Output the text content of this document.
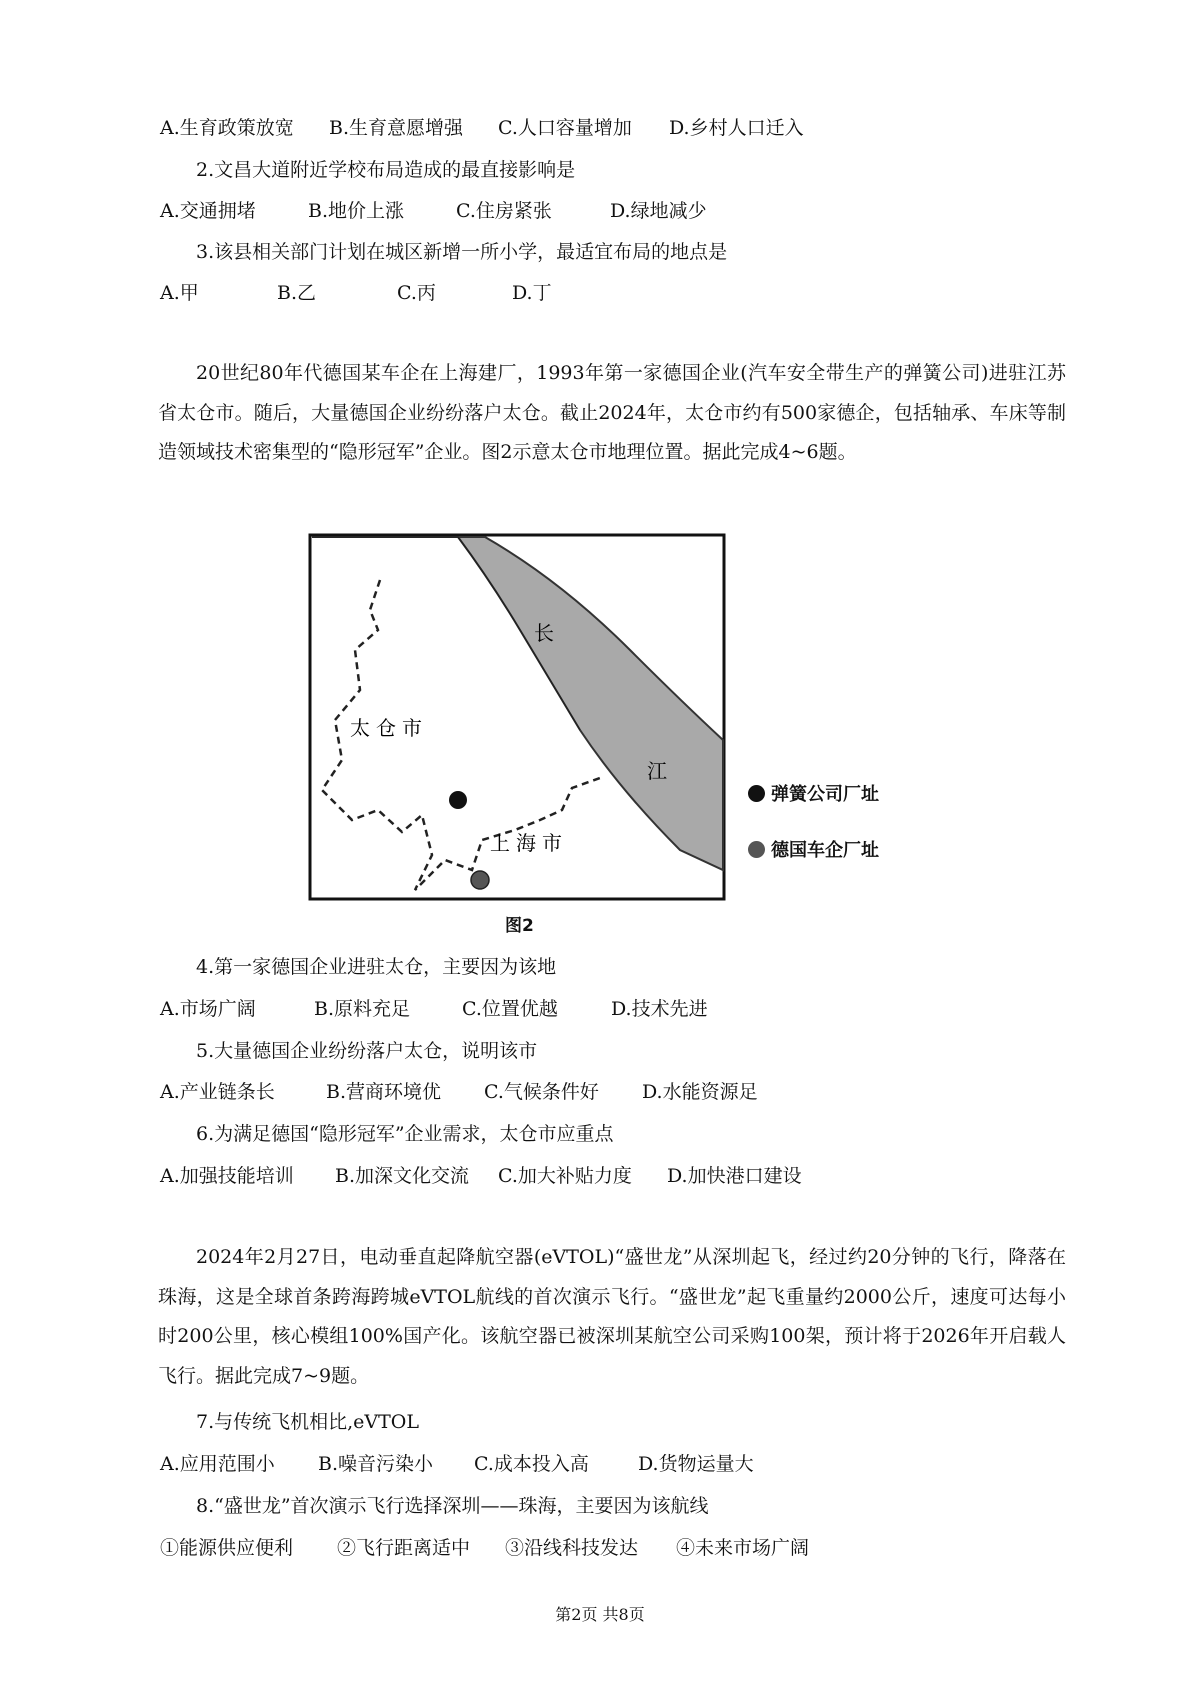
A.生育政策放宽 B.生育意愿增强 C.人口容量增加 D.乡村人口迁入
2.文昌大道附近学校布局造成的最直接影响是
A.交通拥堵	B.地价上涨	C.住房紧张	D.绿地减少
3.该县相关部门计划在城区新增一所小学，最适宜布局的地点是
A.甲	B.乙	C.丙	D.丁
20世纪80年代德国某车企在上海建厂，1993年第一家德国企业(汽车安全带生产的弹簧公司)进驻江苏省太仓市。随后，大量德国企业纷纷落户太仓。截止2024年，太仓市约有500家德企，包括轴承、车床等制造领域技术密集型的“隐形冠军”企业。图2示意太仓市地理位置。据此完成4~6题。
太仓市
上海市
长
江
弹簧公司厂址
德国车企厂址
图2
4.第一家德国企业进驻太仓，主要因为该地
A.市场广阔	B.原料充足	C.位置优越	D.技术先进
5.大量德国企业纷纷落户太仓，说明该市
A.产业链条长	B.营商环境优 C.气候条件好 D.水能资源足
6.为满足德国“隐形冠军”企业需求，太仓市应重点
A.加强技能培训 B.加深文化交流 C.加大补贴力度 D.加快港口建设
2024年2月27日，电动垂直起降航空器(eVTOL)“盛世龙”从深圳起飞，经过约20分钟的飞行，降落在珠海，这是全球首条跨海跨城eVTOL航线的首次演示飞行。“盛世龙”起飞重量约2000公斤，速度可达每小时200公里，核心模组100%国产化。该航空器已被深圳某航空公司采购100架，预计将于2026年开启载人飞行。据此完成7~9题。
7.与传统飞机相比,eVTOL
A.应用范围小 B.噪音污染小 C.成本投入高	D.货物运量大
8.“盛世龙”首次演示飞行选择深圳——珠海，主要因为该航线
①能源供应便利 ②飞行距离适中 ③沿线科技发达 ④未来市场广阔
第2页 共8页
